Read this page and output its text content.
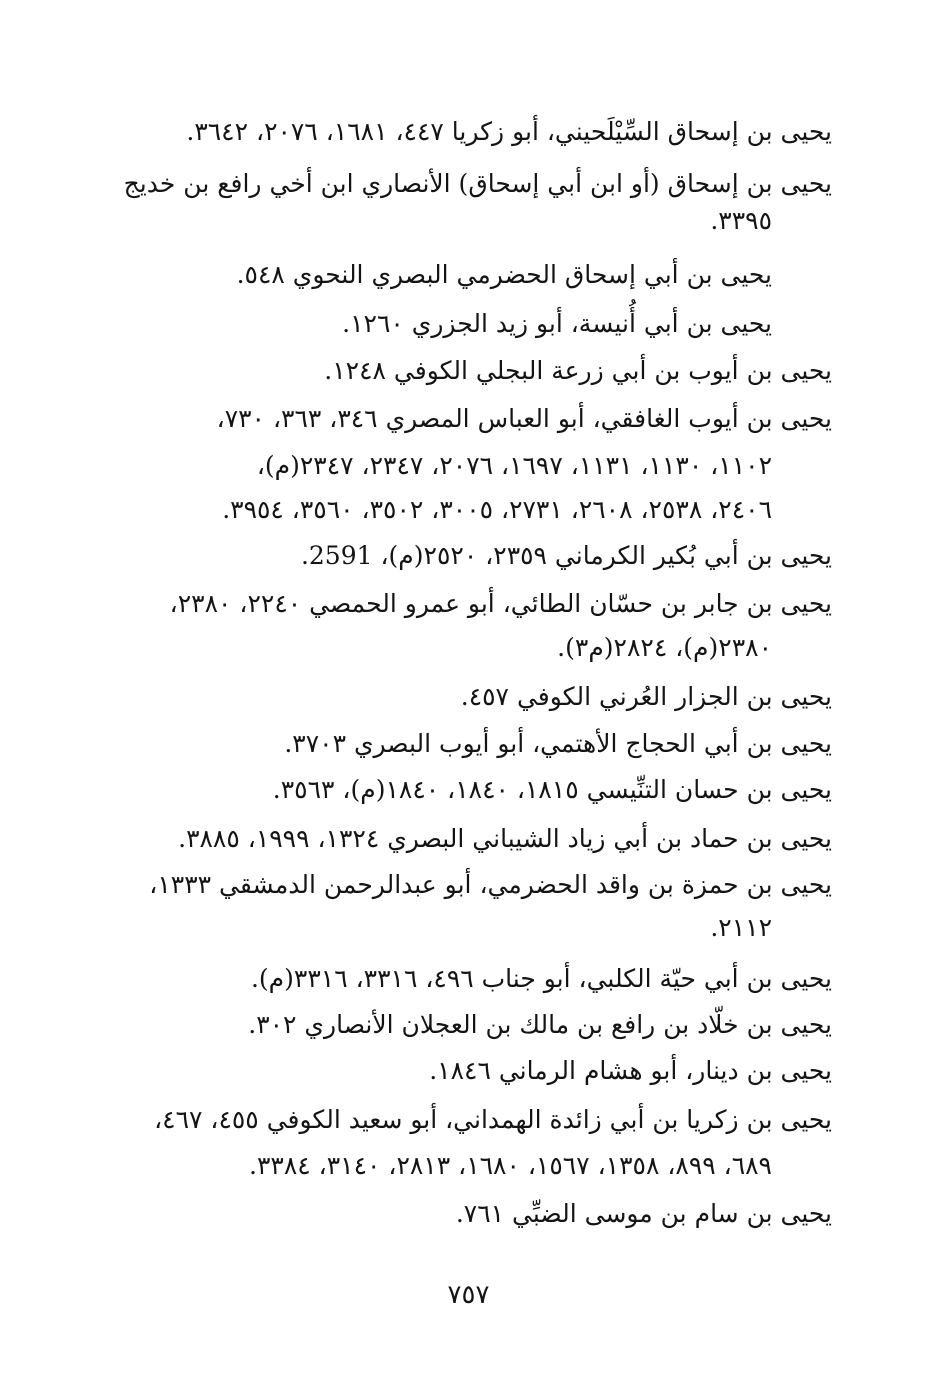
يحيى بن إسحاق السِّيْلَحيني، أبو زكريا ٤٤٧، ١٦٨١، ٢٠٧٦، ٣٦٤٢.
يحيى بن إسحاق (أو ابن أبي إسحاق) الأنصاري ابن أخي رافع بن خديج
٣٣٩٥.
يحيى بن أبي إسحاق الحضرمي البصري النحوي ٥٤٨.
يحيى بن أبي أُنيسة، أبو زيد الجزري ١٢٦٠.
يحيى بن أيوب بن أبي زرعة البجلي الكوفي ١٢٤٨.
يحيى بن أيوب الغافقي، أبو العباس المصري ٣٤٦، ٣٦٣، ٧٣٠،
١١٠٢، ١١٣٠، ١١٣١، ١٦٩٧، ٢٠٧٦، ٢٣٤٧، ٢٣٤٧(م)،
٢٤٠٦، ٢٥٣٨، ٢٦٠٨، ٢٧٣١، ٣٠٠٥، ٣٥٠٢، ٣٥٦٠، ٣٩٥٤.
يحيى بن أبي بُكير الكرماني ٢٣٥٩، ٢٥٢٠(م)، 2591.
يحيى بن جابر بن حسّان الطائي، أبو عمرو الحمصي ٢٢٤٠، ٢٣٨٠،
٢٣٨٠(م)، ٢٨٢٤(م٣).
يحيى بن الجزار العُرني الكوفي ٤٥٧.
يحيى بن أبي الحجاج الأهتمي، أبو أيوب البصري ٣٧٠٣.
يحيى بن حسان التنِّيسي ١٨١٥، ١٨٤٠، ١٨٤٠(م)، ٣٥٦٣.
يحيى بن حماد بن أبي زياد الشيباني البصري ١٣٢٤، ١٩٩٩، ٣٨٨٥.
يحيى بن حمزة بن واقد الحضرمي، أبو عبدالرحمن الدمشقي ١٣٣٣،
٢١١٢.
يحيى بن أبي حيّة الكلبي، أبو جناب ٤٩٦، ٣٣١٦، ٣٣١٦(م).
يحيى بن خلّاد بن رافع بن مالك بن العجلان الأنصاري ٣٠٢.
يحيى بن دينار، أبو هشام الرماني ١٨٤٦.
يحيى بن زكريا بن أبي زائدة الهمداني، أبو سعيد الكوفي ٤٥٥، ٤٦٧،
٦٨٩، ٨٩٩، ١٣٥٨، ١٥٦٧، ١٦٨٠، ٢٨١٣، ٣١٤٠، ٣٣٨٤.
يحيى بن سام بن موسى الضبِّي ٧٦١.
٧٥٧
